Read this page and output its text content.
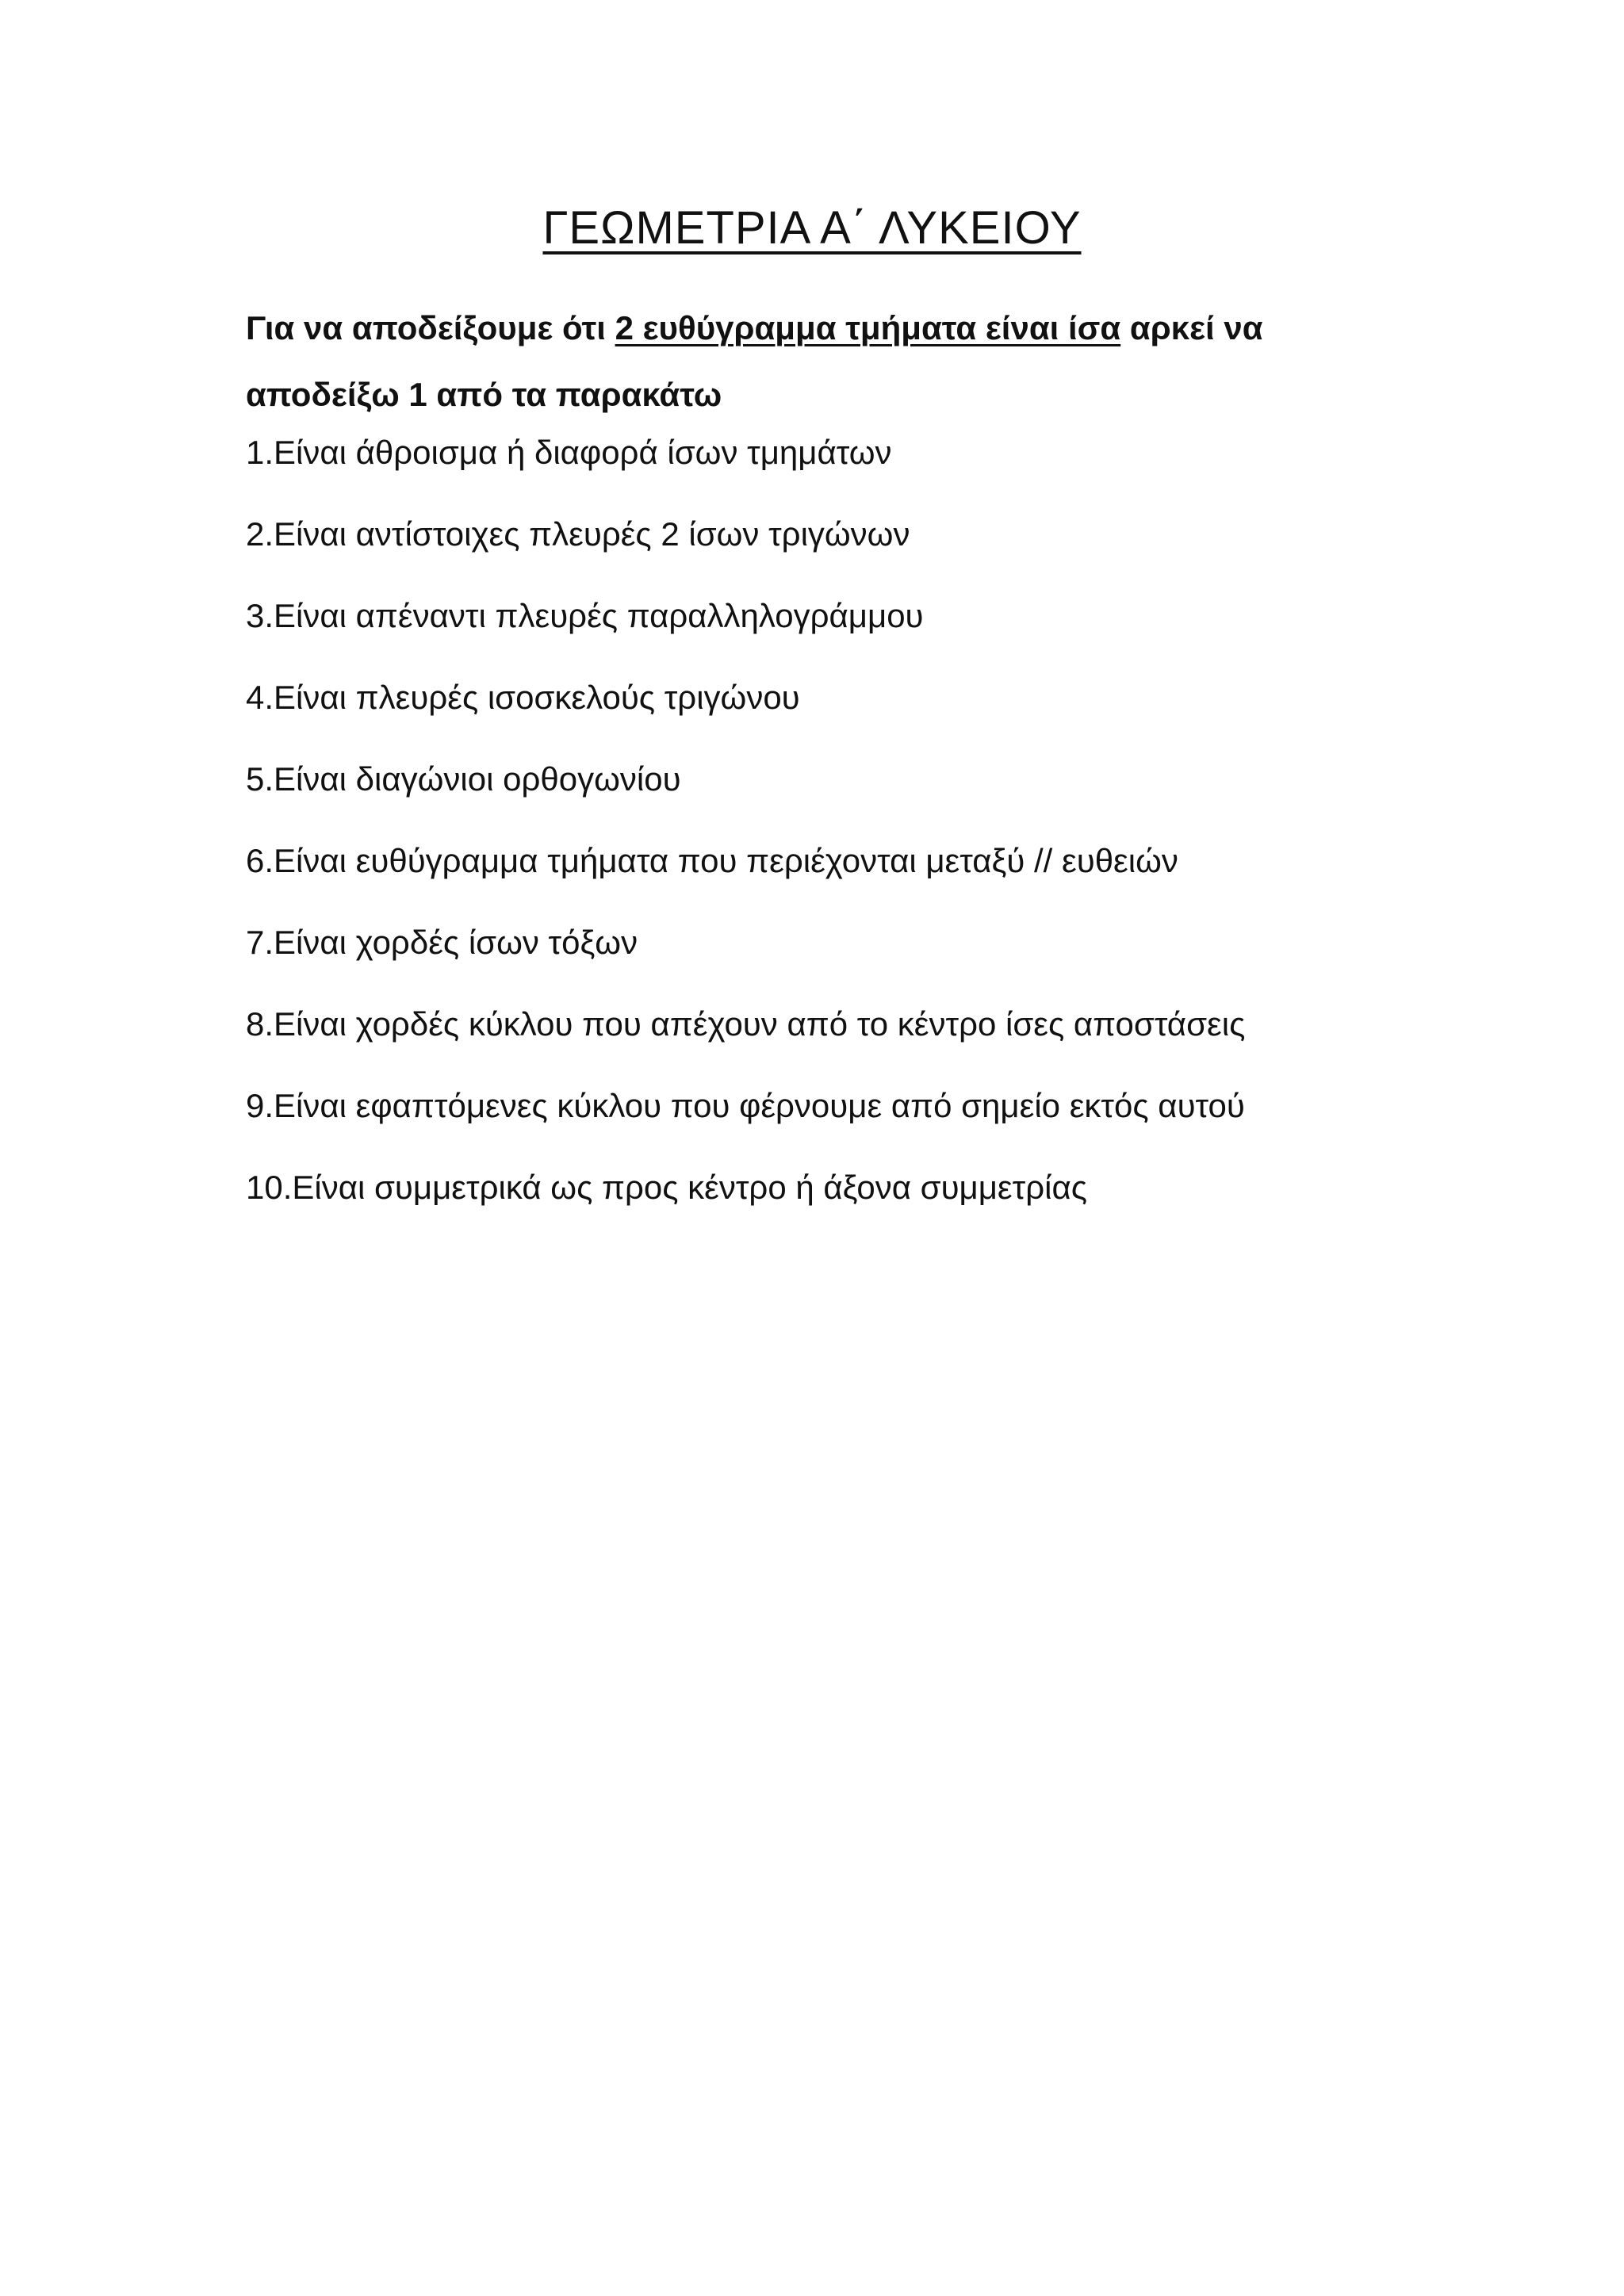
ΓΕΩΜΕΤΡΙΑ Α΄ ΛΥΚΕΙΟΥ

Για να αποδείξουμε ότι 2 ευθύγραμμα τμήματα είναι ίσα αρκεί να αποδείξω 1 από τα παρακάτω

1.Είναι άθροισμα ή διαφορά ίσων τμημάτων
2.Είναι αντίστοιχες πλευρές 2 ίσων τριγώνων
3.Είναι απέναντι πλευρές παραλληλογράμμου
4.Είναι πλευρές ισοσκελούς τριγώνου
5.Είναι διαγώνιοι ορθογωνίου
6.Είναι ευθύγραμμα τμήματα που περιέχονται μεταξύ // ευθειών
7.Είναι χορδές ίσων τόξων
8.Είναι χορδές κύκλου που απέχουν από το κέντρο ίσες αποστάσεις
9.Είναι εφαπτόμενες κύκλου που φέρνουμε από σημείο εκτός αυτού
10.Είναι συμμετρικά ως προς κέντρο ή άξονα συμμετρίας
